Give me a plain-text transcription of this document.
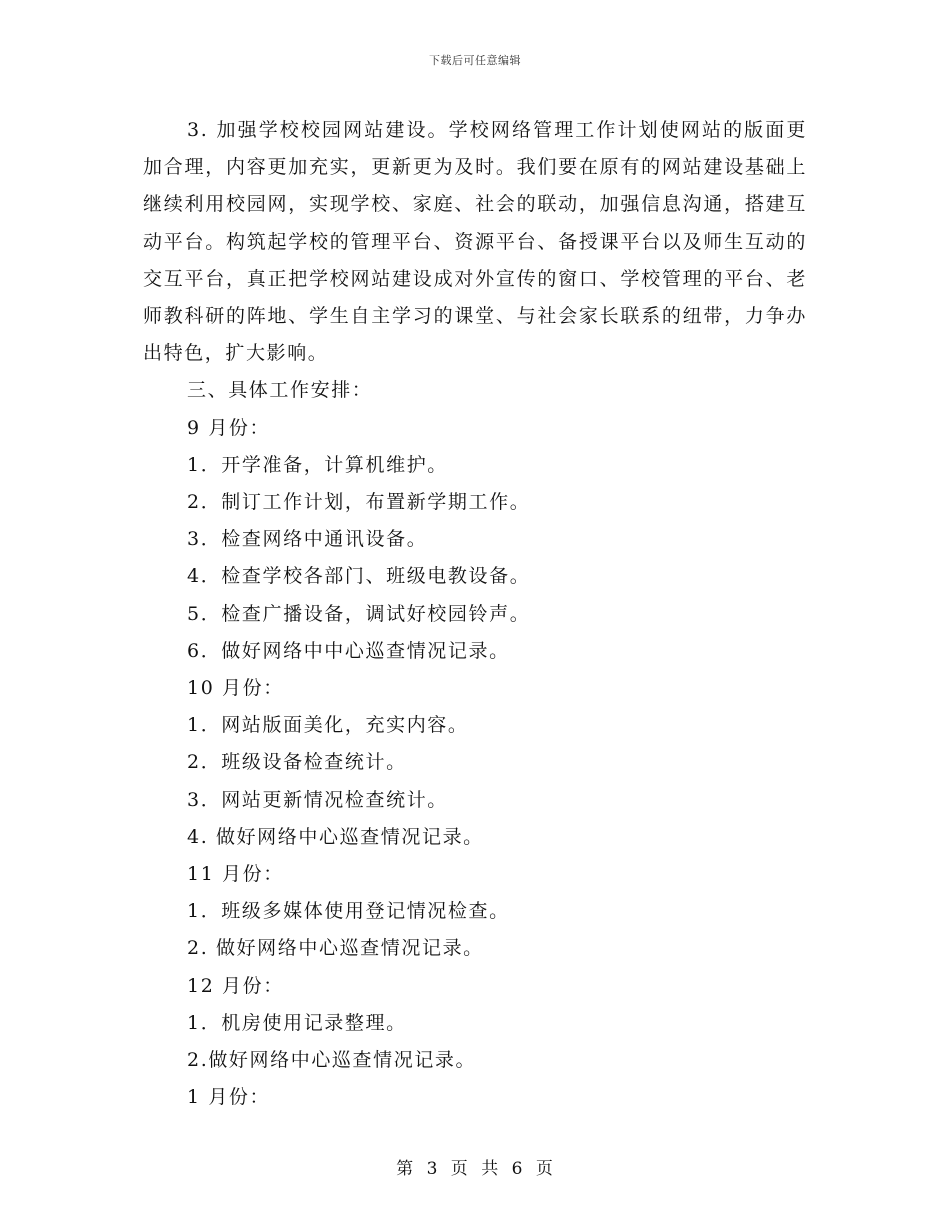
下载后可任意编辑

3. 加强学校校园网站建设。学校网络管理工作计划使网站的版面更加合理，内容更加充实，更新更为及时。我们要在原有的网站建设基础上继续利用校园网，实现学校、家庭、社会的联动，加强信息沟通，搭建互动平台。构筑起学校的管理平台、资源平台、备授课平台以及师生互动的交互平台，真正把学校网站建设成对外宣传的窗口、学校管理的平台、老师教科研的阵地、学生自主学习的课堂、与社会家长联系的纽带，力争办出特色，扩大影响。

三、具体工作安排：

9 月份：

1．开学准备，计算机维护。

2．制订工作计划，布置新学期工作。

3．检查网络中通讯设备。

4．检查学校各部门、班级电教设备。

5．检查广播设备，调试好校园铃声。

6．做好网络中中心巡查情况记录。

10 月份：

1．网站版面美化，充实内容。

2．班级设备检查统计。

3．网站更新情况检查统计。

4. 做好网络中心巡查情况记录。

11 月份：

1．班级多媒体使用登记情况检查。

2. 做好网络中心巡查情况记录。

12 月份：

1．机房使用记录整理。

2.做好网络中心巡查情况记录。

1 月份：

第 3 页 共 6 页
